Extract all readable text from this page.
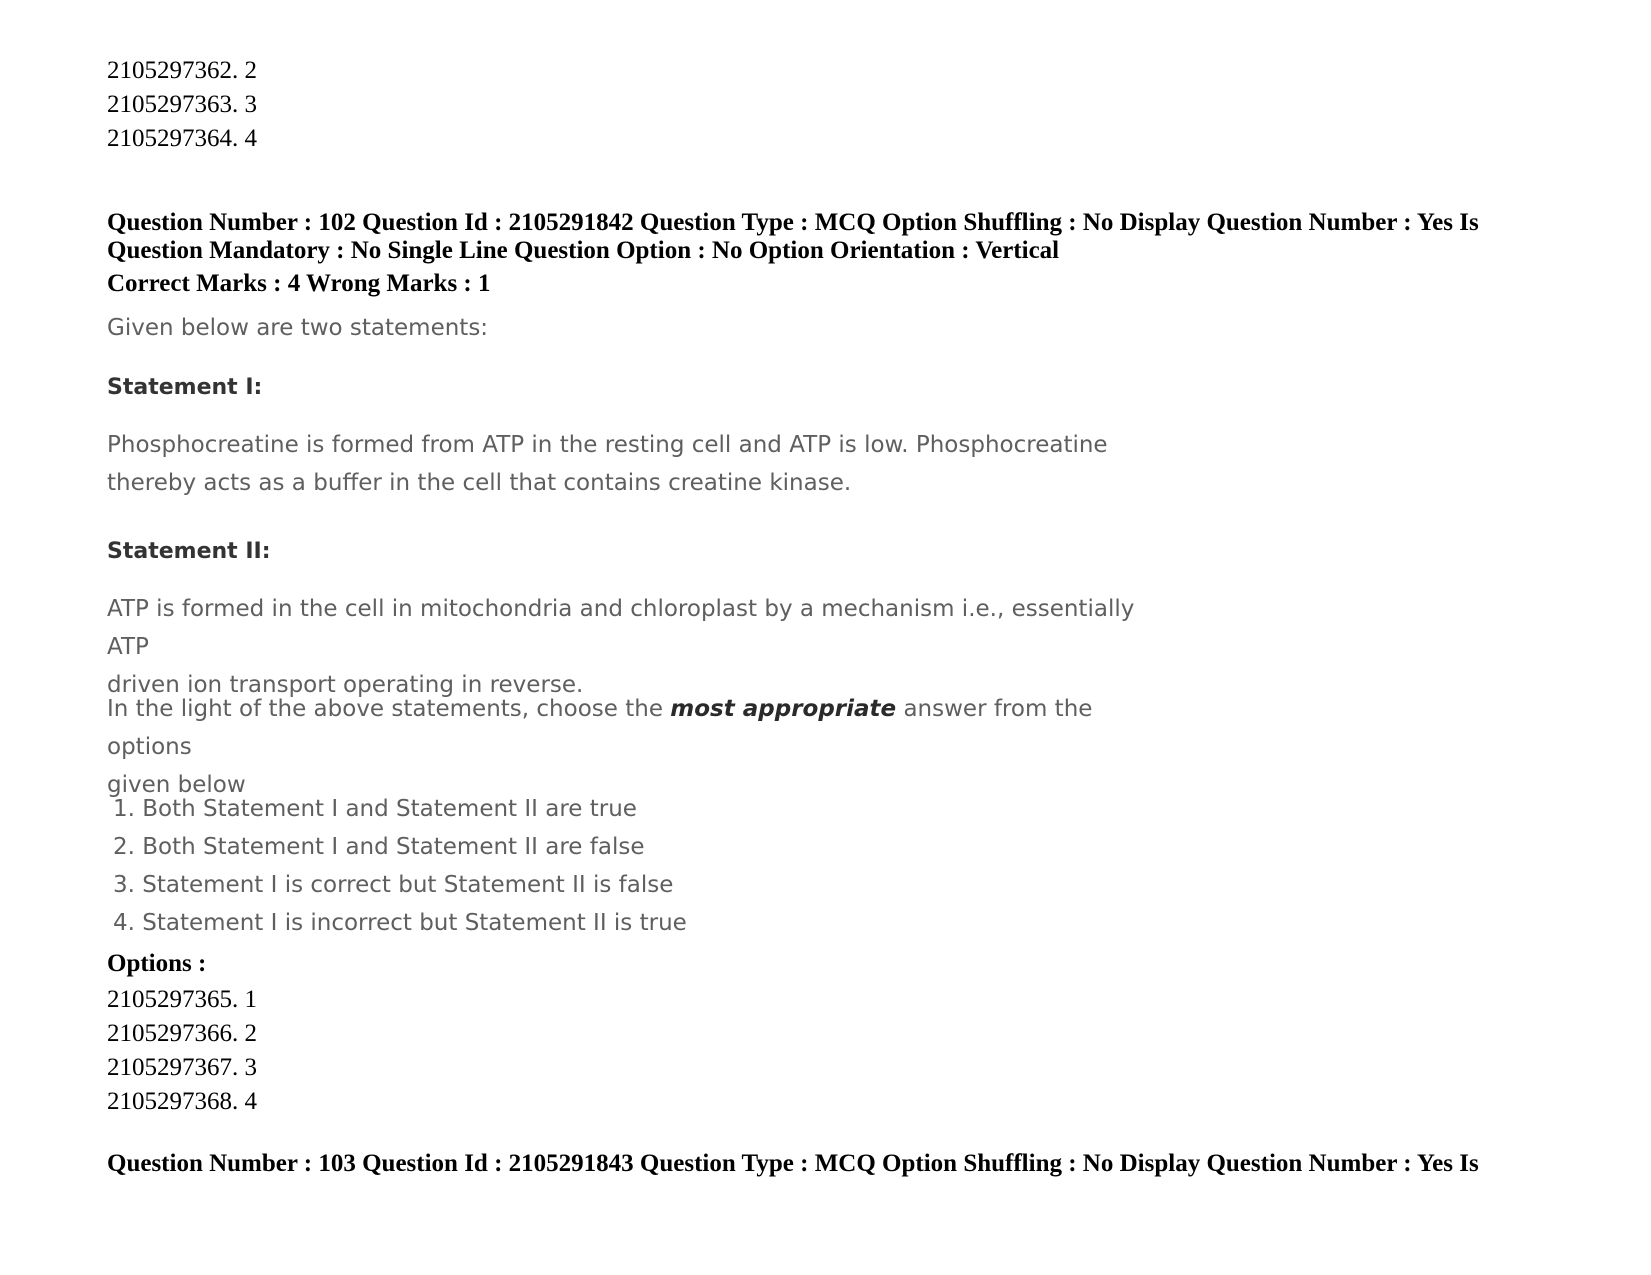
2105297362. 2
2105297363. 3
2105297364. 4
Question Number : 102 Question Id : 2105291842 Question Type : MCQ Option Shuffling : No Display Question Number : Yes Is
Question Mandatory : No Single Line Question Option : No Option Orientation : Vertical
Correct Marks : 4 Wrong Marks : 1
Given below are two statements:
Statement I:
Phosphocreatine is formed from ATP in the resting cell and ATP is low. Phosphocreatine
thereby acts as a buffer in the cell that contains creatine kinase.
Statement II:
ATP is formed in the cell in mitochondria and chloroplast by a mechanism i.e., essentially ATP
driven ion transport operating in reverse.
In the light of the above statements, choose the most appropriate answer from the options
given below
1. Both Statement I and Statement II are true
2. Both Statement I and Statement II are false
3. Statement I is correct but Statement II is false
4. Statement I is incorrect but Statement II is true
Options :
2105297365. 1
2105297366. 2
2105297367. 3
2105297368. 4
Question Number : 103 Question Id : 2105291843 Question Type : MCQ Option Shuffling : No Display Question Number : Yes Is
